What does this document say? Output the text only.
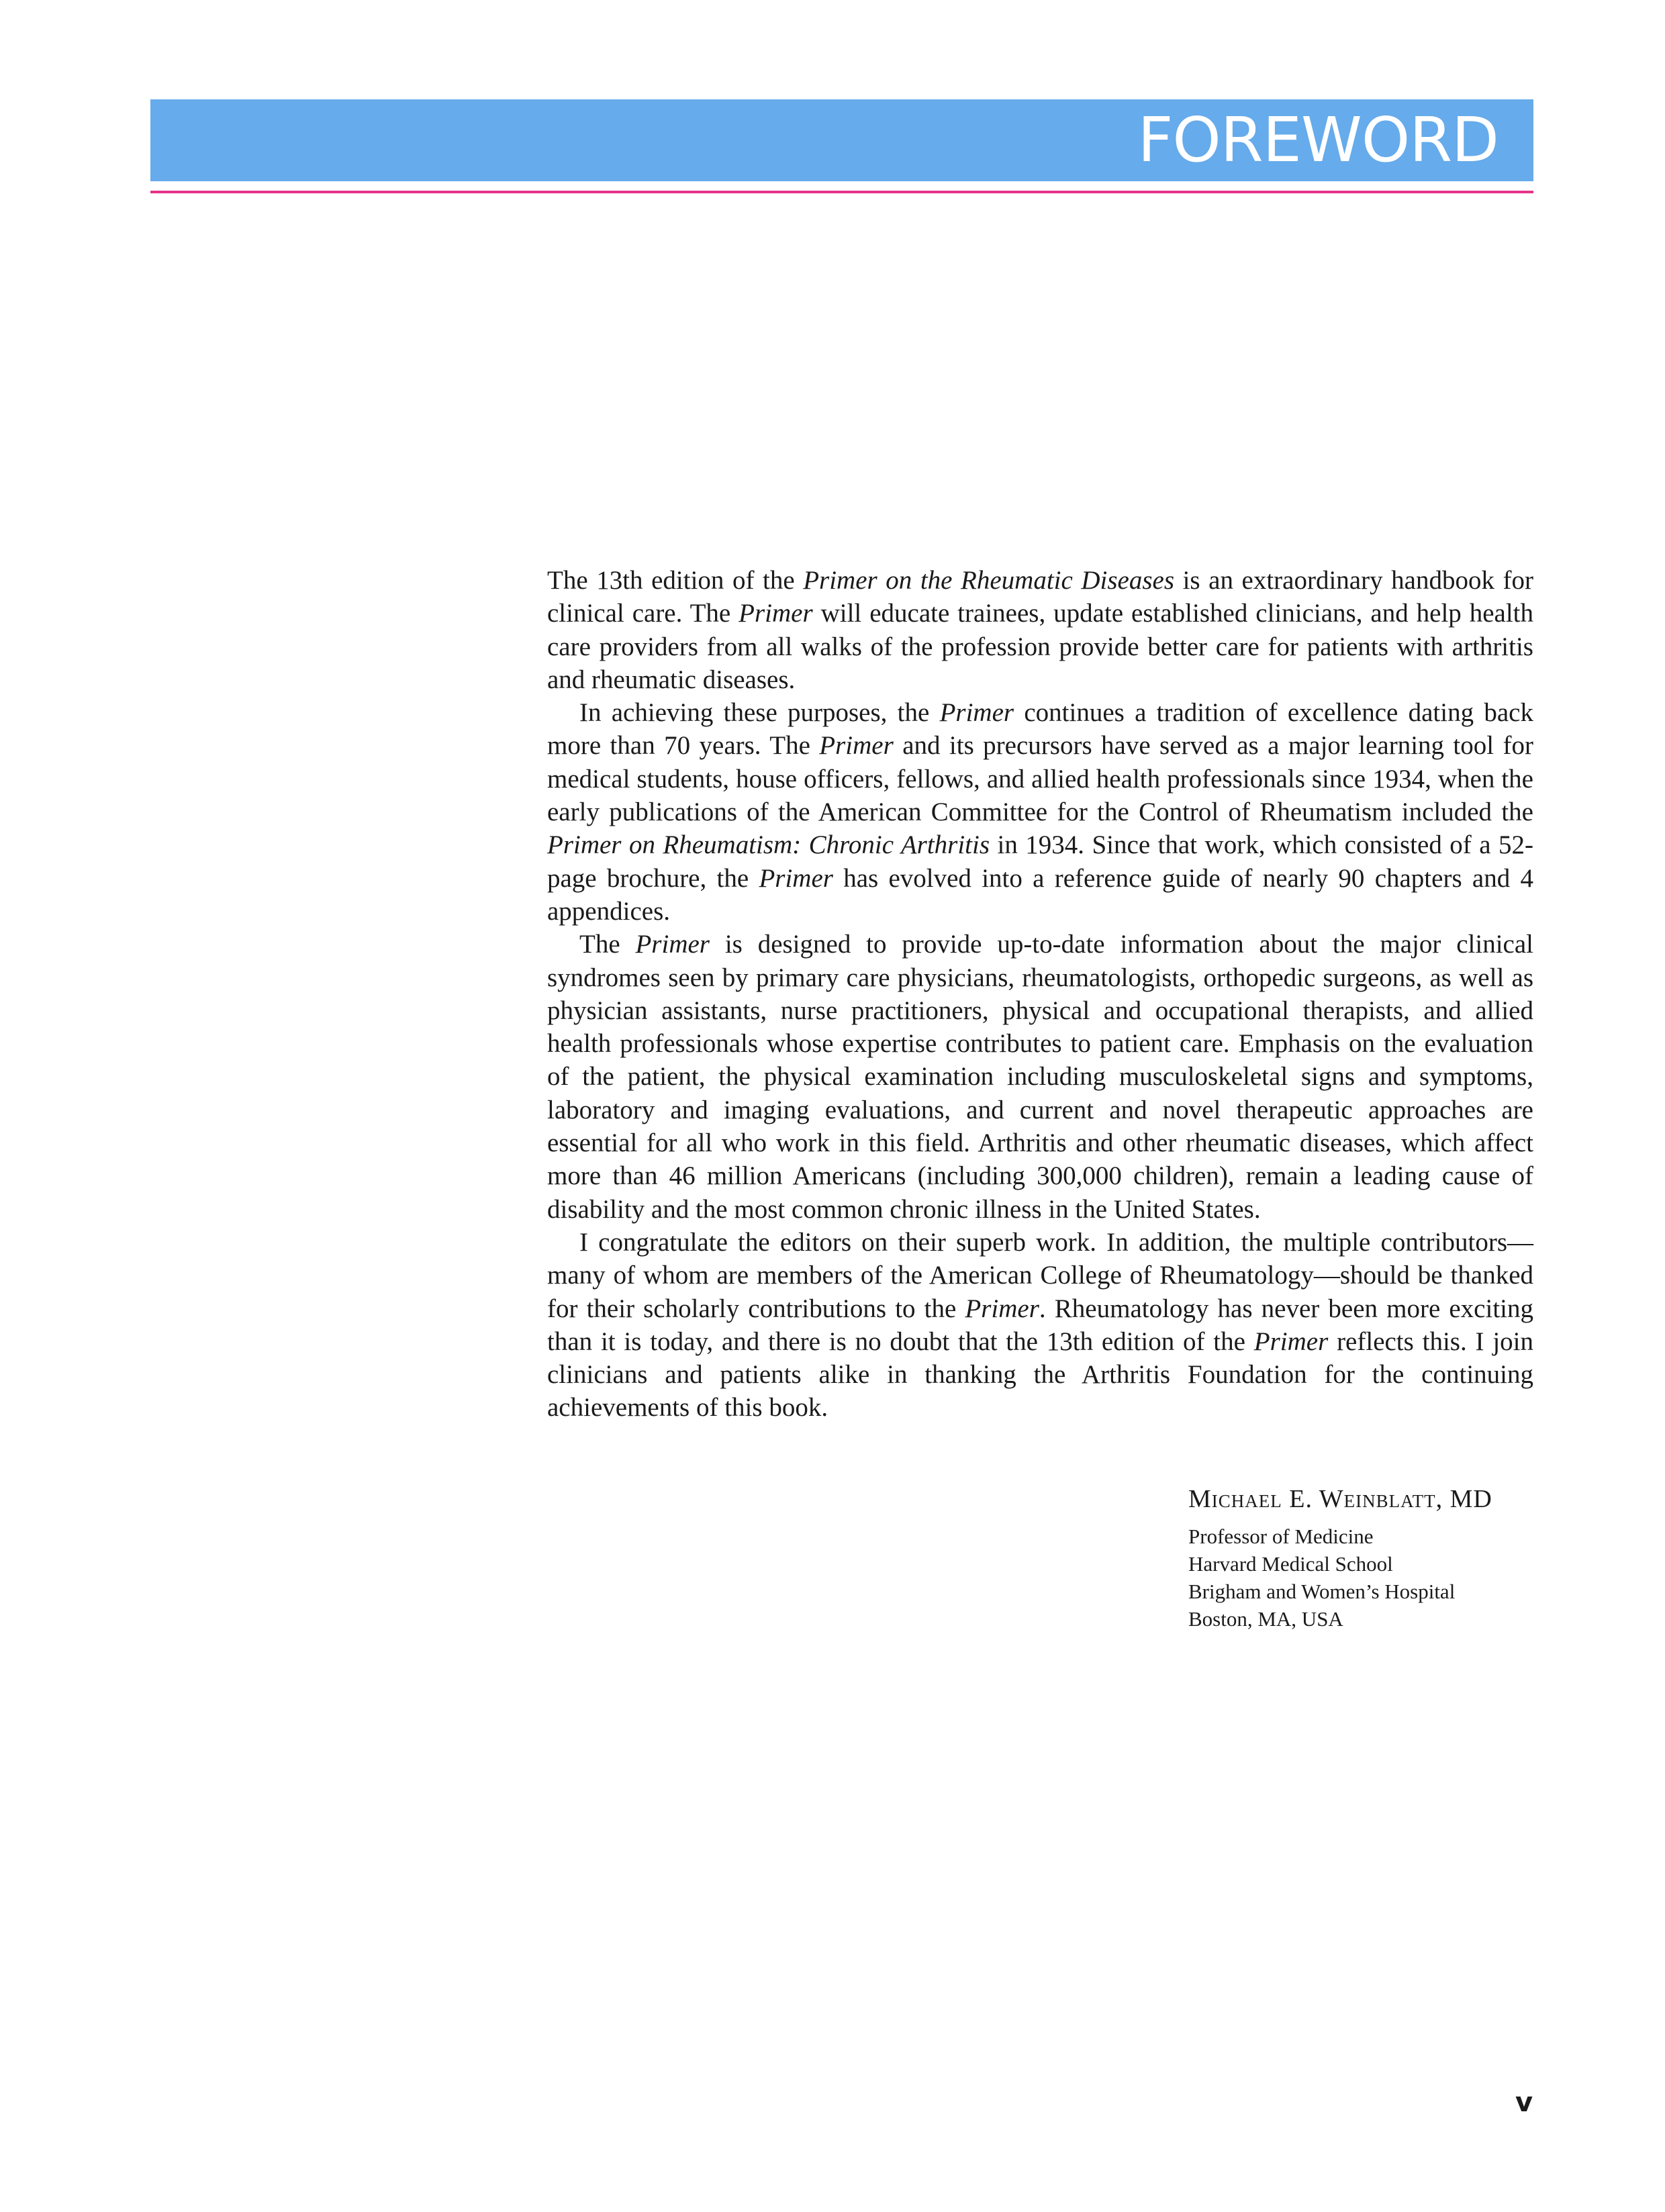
FOREWORD

The 13th edition of the Primer on the Rheumatic Diseases is an extraordinary handbook for clinical care. The Primer will educate trainees, update established clinicians, and help health care providers from all walks of the profession provide better care for patients with arthritis and rheumatic diseases.

In achieving these purposes, the Primer continues a tradition of excellence dating back more than 70 years. The Primer and its precursors have served as a major learning tool for medical students, house officers, fellows, and allied health professionals since 1934, when the early publications of the American Committee for the Control of Rheumatism included the Primer on Rheumatism: Chronic Arthritis in 1934. Since that work, which consisted of a 52-page brochure, the Primer has evolved into a reference guide of nearly 90 chapters and 4 appendices.

The Primer is designed to provide up-to-date information about the major clinical syndromes seen by primary care physicians, rheumatologists, orthopedic surgeons, as well as physician assistants, nurse practitioners, physical and occupational therapists, and allied health professionals whose expertise contributes to patient care. Emphasis on the evaluation of the patient, the physical examination including musculoskeletal signs and symptoms, laboratory and imaging evaluations, and current and novel therapeutic approaches are essential for all who work in this field. Arthritis and other rheumatic diseases, which affect more than 46 million Americans (including 300,000 children), remain a leading cause of disability and the most common chronic illness in the United States.

I congratulate the editors on their superb work. In addition, the multiple contributors—many of whom are members of the American College of Rheumatology—should be thanked for their scholarly contributions to the Primer. Rheumatology has never been more exciting than it is today, and there is no doubt that the 13th edition of the Primer reflects this. I join clinicians and patients alike in thanking the Arthritis Foundation for the continuing achievements of this book.

Michael E. Weinblatt, MD

Professor of Medicine

Harvard Medical School

Brigham and Women’s Hospital

Boston, MA, USA

v
